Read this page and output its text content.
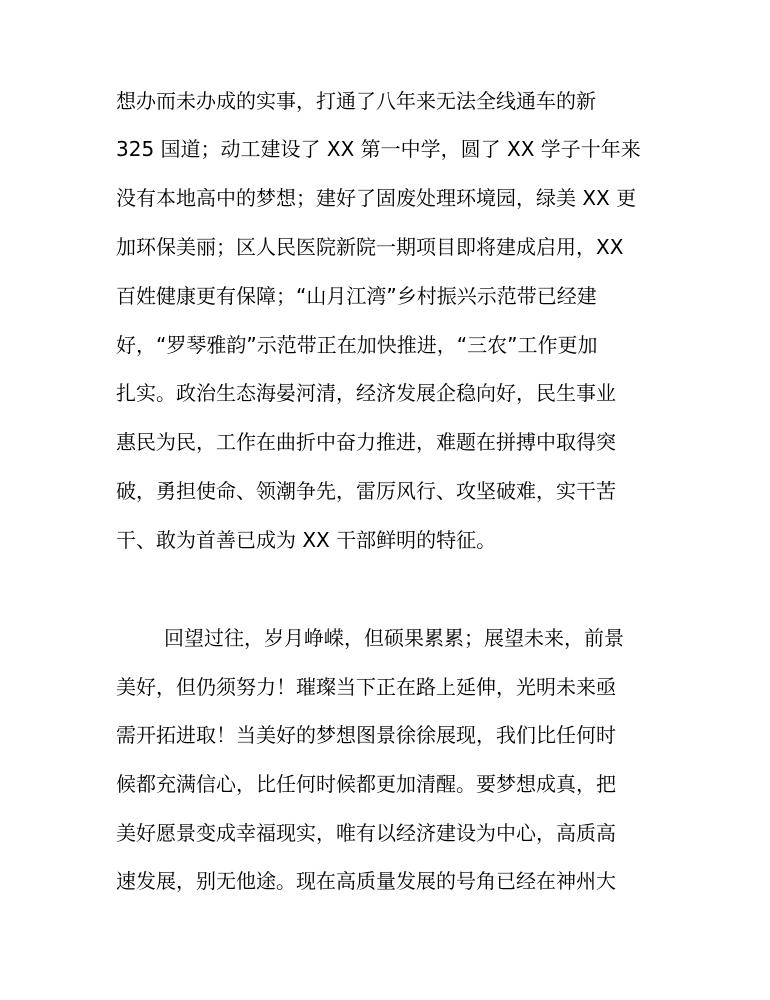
想办而未办成的实事，打通了八年来无法全线通车的新
325 国道；动工建设了 XX 第一中学，圆了 XX 学子十年来
没有本地高中的梦想；建好了固废处理环境园，绿美 XX 更
加环保美丽；区人民医院新院一期项目即将建成启用，XX
百姓健康更有保障；“山月江湾”乡村振兴示范带已经建
好，“罗琴雅韵”示范带正在加快推进，“三农”工作更加
扎实。政治生态海晏河清，经济发展企稳向好，民生事业
惠民为民，工作在曲折中奋力推进，难题在拼搏中取得突
破，勇担使命、领潮争先，雷厉风行、攻坚破难，实干苦
干、敢为首善已成为 XX 干部鲜明的特征。
回望过往，岁月峥嵘，但硕果累累；展望未来，前景
美好，但仍须努力！璀璨当下正在路上延伸，光明未来亟
需开拓进取！当美好的梦想图景徐徐展现，我们比任何时
候都充满信心，比任何时候都更加清醒。要梦想成真，把
美好愿景变成幸福现实，唯有以经济建设为中心，高质高
速发展，别无他途。现在高质量发展的号角已经在神州大
